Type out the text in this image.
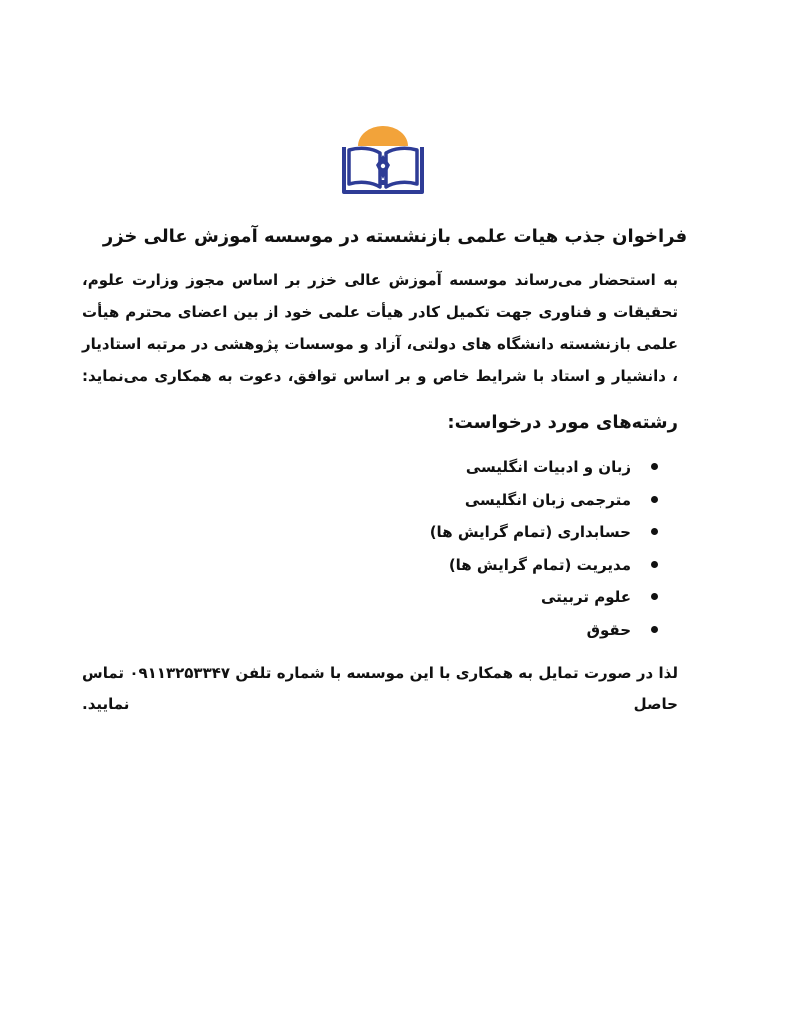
فراخوان جذب هیات علمی بازنشسته در موسسه آموزش عالی خزر

به استحضار می‌رساند موسسه آموزش عالی خزر بر اساس مجوز وزارت علوم، تحقیقات و فناوری جهت تکمیل کادر هیأت علمی خود از بین اعضای محترم هیأت علمی بازنشسته دانشگاه های دولتی، آزاد و موسسات پژوهشی در مرتبه استادیار ، دانشیار و استاد با شرایط خاص و بر اساس توافق، دعوت به همکاری می‌نماید:

رشته‌های مورد درخواست:
زبان و ادبیات انگلیسی
مترجمی زبان انگلیسی
حسابداری (تمام گرایش ها)
مدیریت (تمام گرایش ها)
علوم تربیتی
حقوق

لذا در صورت تمایل به همکاری با این موسسه با شماره تلفن ۰۹۱۱۳۲۵۳۳۴۷ تماس حاصل نمایید.
